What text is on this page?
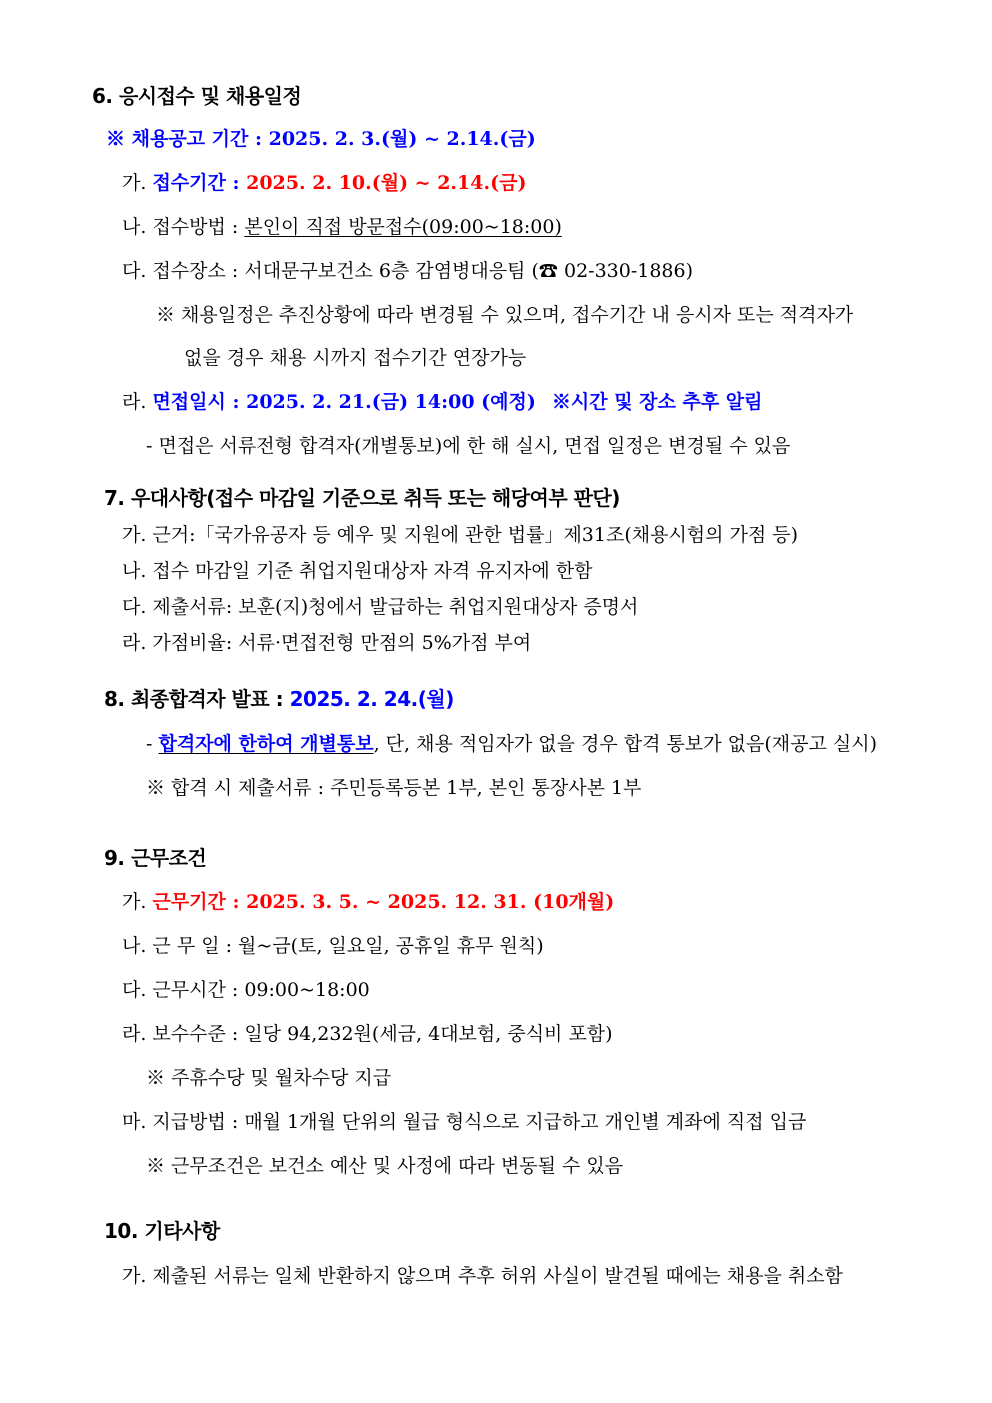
6. 응시접수 및 채용일정
※ 채용공고 기간 : 2025. 2. 3.(월) ~ 2.14.(금)
가. 접수기간 : 2025. 2. 10.(월) ~ 2.14.(금)
나. 접수방법 : 본인이 직접 방문접수(09:00~18:00)
다. 접수장소 : 서대문구보건소 6층 감염병대응팀 (☎ 02-330-1886)
※ 채용일정은 추진상황에 따라 변경될 수 있으며, 접수기간 내 응시자 또는 적격자가
없을 경우 채용 시까지 접수기간 연장가능
라. 면접일시 : 2025. 2. 21.(금) 14:00 (예정) ※시간 및 장소 추후 알림
- 면접은 서류전형 합격자(개별통보)에 한 해 실시, 면접 일정은 변경될 수 있음
7. 우대사항(접수 마감일 기준으로 취득 또는 해당여부 판단)
가. 근거:「국가유공자 등 예우 및 지원에 관한 법률」제31조(채용시험의 가점 등)
나. 접수 마감일 기준 취업지원대상자 자격 유지자에 한함
다. 제출서류: 보훈(지)청에서 발급하는 취업지원대상자 증명서
라. 가점비율: 서류·면접전형 만점의 5%가점 부여
8. 최종합격자 발표 : 2025. 2. 24.(월)
- 합격자에 한하여 개별통보, 단, 채용 적임자가 없을 경우 합격 통보가 없음(재공고 실시)
※ 합격 시 제출서류 : 주민등록등본 1부, 본인 통장사본 1부
9. 근무조건
가. 근무기간 : 2025. 3. 5. ~ 2025. 12. 31. (10개월)
나. 근 무 일 : 월~금(토, 일요일, 공휴일 휴무 원칙)
다. 근무시간 : 09:00~18:00
라. 보수수준 : 일당 94,232원(세금, 4대보험, 중식비 포함)
※ 주휴수당 및 월차수당 지급
마. 지급방법 : 매월 1개월 단위의 월급 형식으로 지급하고 개인별 계좌에 직접 입금
※ 근무조건은 보건소 예산 및 사정에 따라 변동될 수 있음
10. 기타사항
가. 제출된 서류는 일체 반환하지 않으며 추후 허위 사실이 발견될 때에는 채용을 취소함
